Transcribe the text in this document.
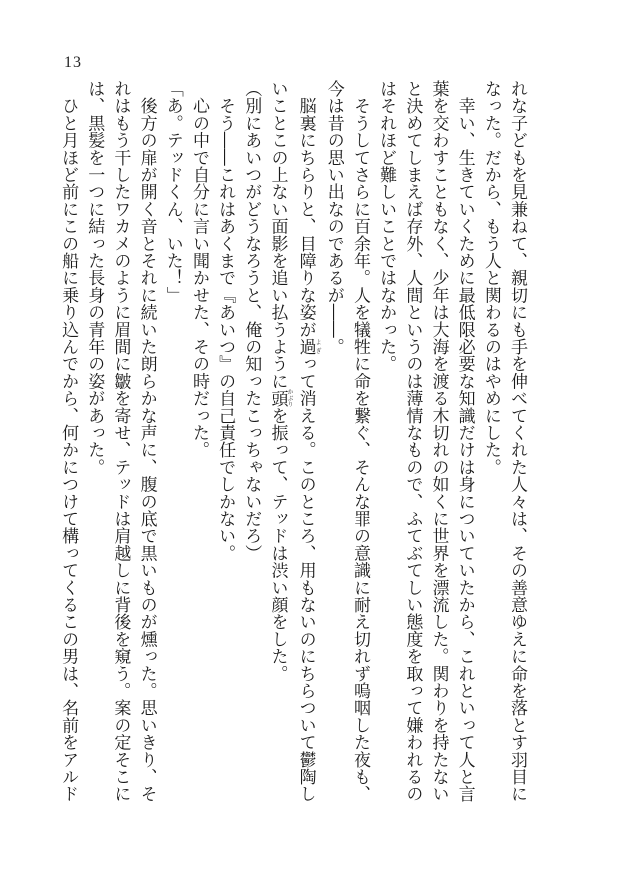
13
れな子どもを見兼ねて、親切にも手を伸べてくれた人々は、その善意ゆえに命を落とす羽目に
なった。だから、もう人と関わるのはやめにした。
　幸い、生きていくために最低限必要な知識だけは身についていたから、これといって人と言
葉を交わすこともなく、少年は大海を渡る木切れの如くに世界を漂流した。関わりを持たない
と決めてしまえば存外、人間というのは薄情なもので、ふてぶてしい態度を取って嫌われるの
はそれほど難しいことではなかった。
　そうしてさらに百余年。人を犠牲に命を繋ぐ、そんな罪の意識に耐え切れず嗚咽した夜も、
今は昔の思い出なのであるが――。
　脳裏にちらりと、目障りな姿が過よぎって消える。このところ、用もないのにちらついて鬱陶し
いことこの上ない面影を追い払うように頭かぶりを振って、テッドは渋い顔をした。
（別にあいつがどうなろうと、俺の知ったこっちゃないだろ）
　そう――これはあくまで『あいつ』の自己責任でしかない。
　心の中で自分に言い聞かせた、その時だった。
「あ。テッドくん、いた！」
　後方の扉が開く音とそれに続いた朗らかな声に、腹の底で黒いものが燻った。思いきり、そ
れはもう干したワカメのように眉間に皺を寄せ、テッドは肩越しに背後を窺う。案の定そこに
は、黒髪を一つに結った長身の青年の姿があった。
　ひと月ほど前にこの船に乗り込んでから、何かにつけて構ってくるこの男は、名前をアルド
